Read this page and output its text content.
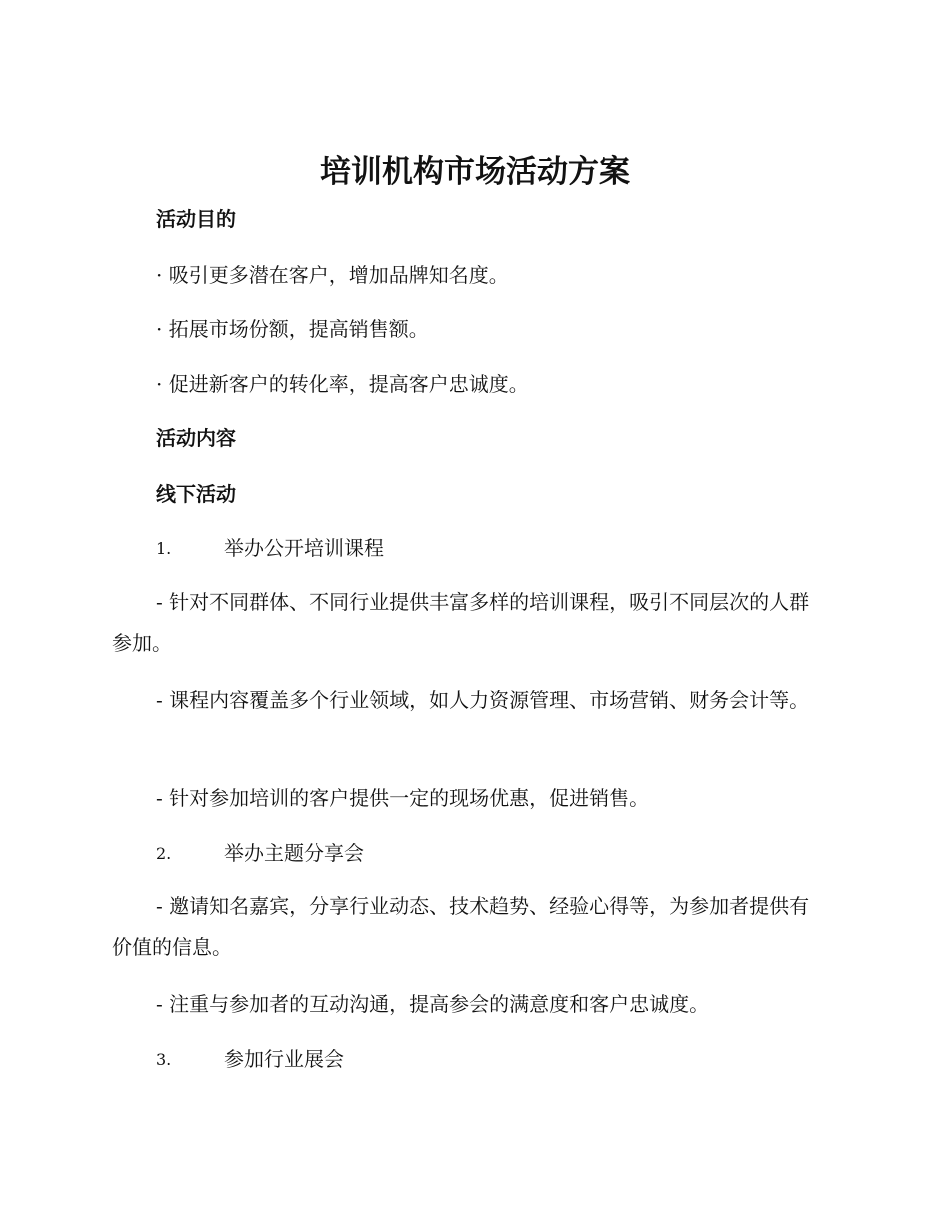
培训机构市场活动方案
活动目的
· 吸引更多潜在客户，增加品牌知名度。
· 拓展市场份额，提高销售额。
· 促进新客户的转化率，提高客户忠诚度。
活动内容
线下活动
1.	举办公开培训课程
- 针对不同群体、不同行业提供丰富多样的培训课程，吸引不同层次的人群参加。
- 课程内容覆盖多个行业领域，如人力资源管理、市场营销、财务会计等。
- 针对参加培训的客户提供一定的现场优惠，促进销售。
2.	举办主题分享会
- 邀请知名嘉宾，分享行业动态、技术趋势、经验心得等，为参加者提供有价值的信息。
- 注重与参加者的互动沟通，提高参会的满意度和客户忠诚度。
3.	参加行业展会
